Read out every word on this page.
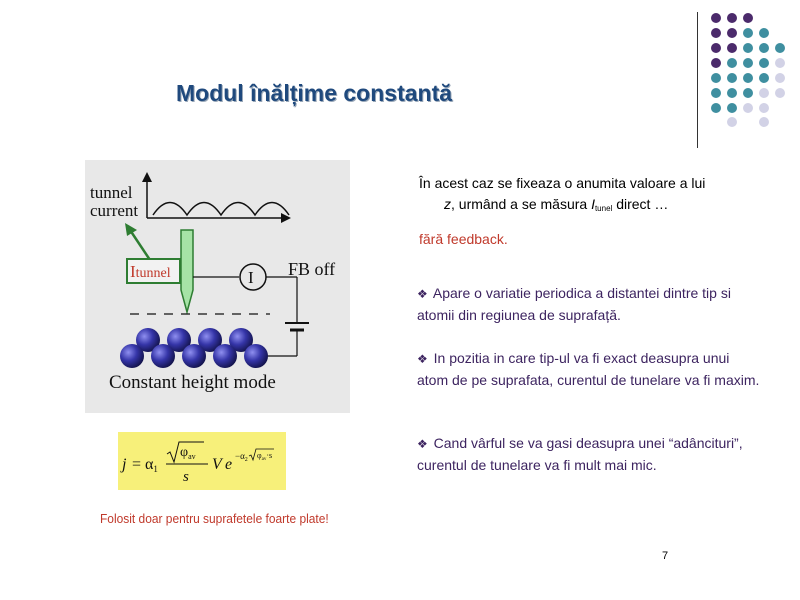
Modul înălțime constantă
tunnel
current
Itunnel	I FB off
Constant height mode
j = α1
$\varphi_{av}$
s
V $e -\alpha_2$ $\varphi_{av}\cdot s$
Folosit doar pentru suprafetele foarte plate!
În acest caz se fixeaza o anumita valoare a lui
z, urmând a se măsura $I_{tunel}$ direct …
fără feedback.
❖ Apare o variatie periodica a distantei dintre tip si atomii din regiunea de suprafață.
❖ In pozitia in care tip-ul va fi exact deasupra unui atom de pe suprafata, curentul de tunelare va fi maxim.
❖ Cand vârful se va gasi deasupra unei “adâncituri”, curentul de tunelare va fi mult mai mic.
7
